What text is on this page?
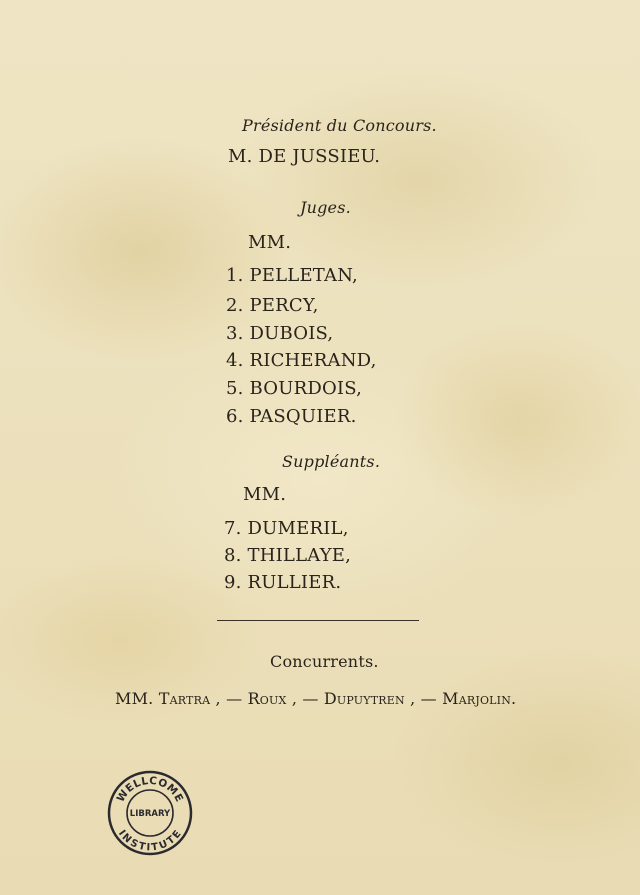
Président du Concours.
M. DE JUSSIEU.
Juges.
MM.
1. PELLETAN,
2. PERCY,
3. DUBOIS,
4. RICHERAND,
5. BOURDOIS,
6. PASQUIER.
Suppléants.
MM.
7. DUMERIL,
8. THILLAYE,
9. RULLIER.
Concurrents.
MM. Tartra , — Roux , — Dupuytren , — Marjolin.
WELLCOME
LIBRARY
INSTITUTE
